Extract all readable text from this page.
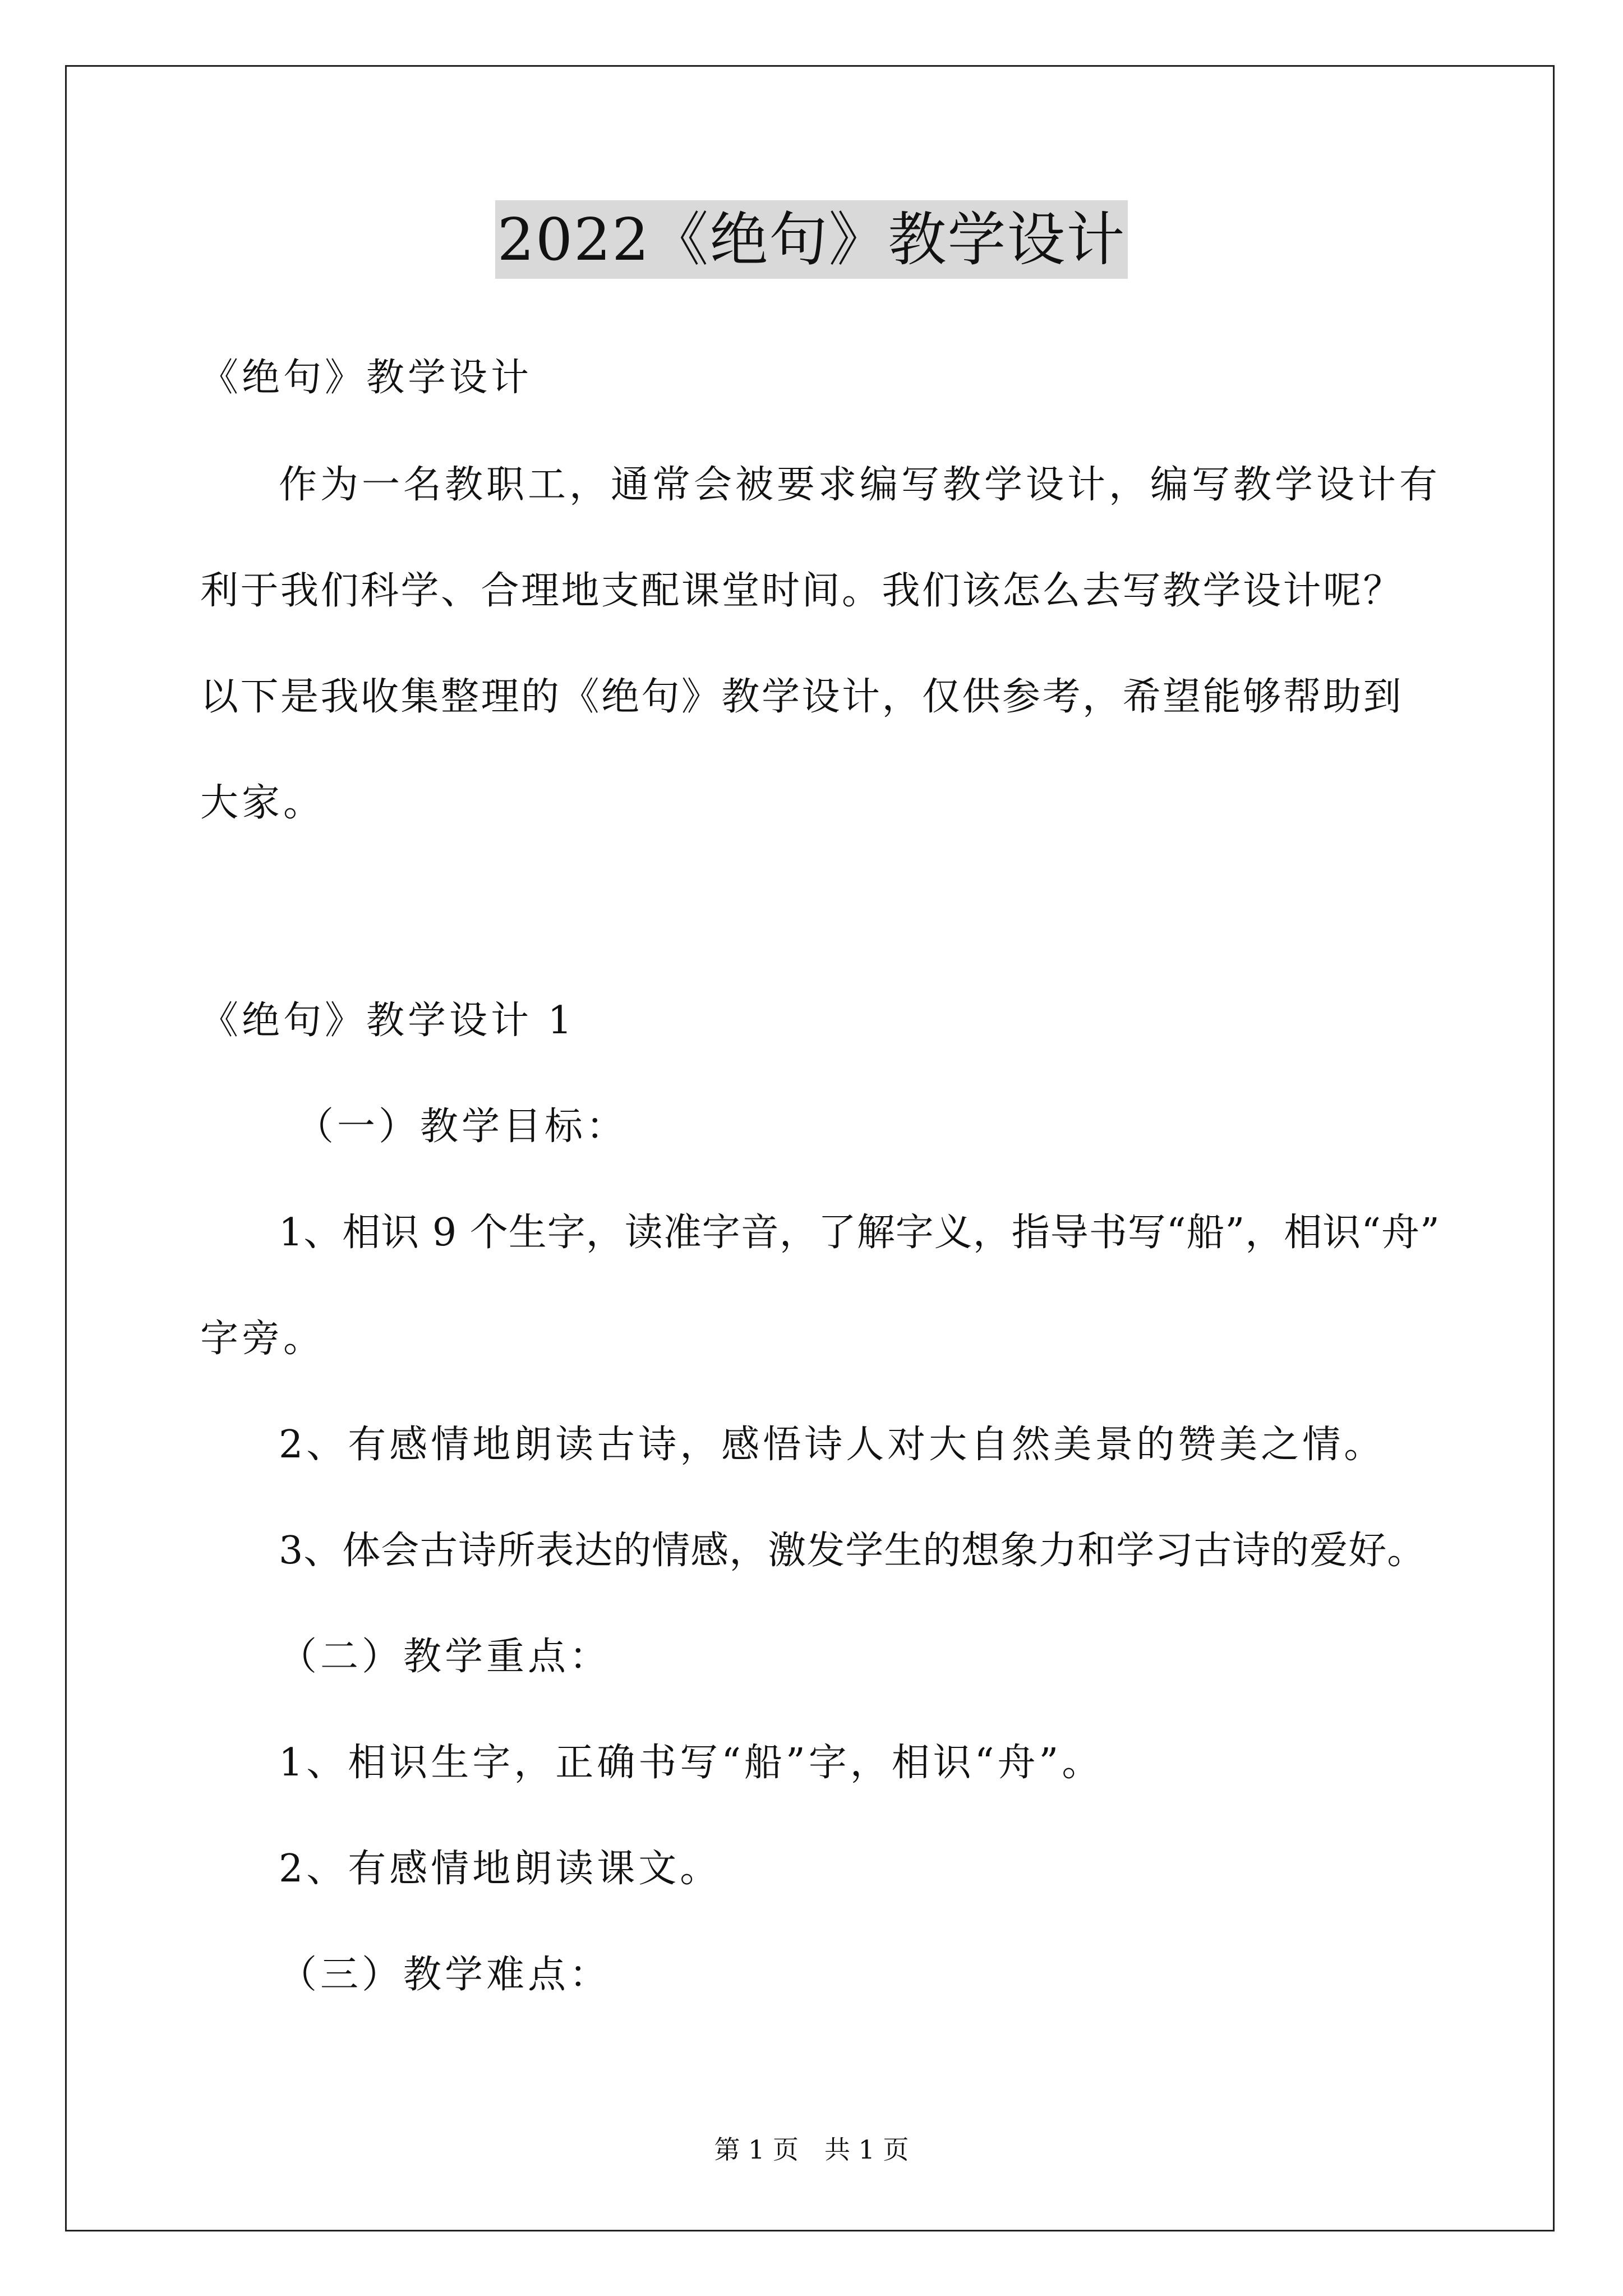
2022《绝句》教学设计
《绝句》教学设计
作为一名教职工，通常会被要求编写教学设计，编写教学设计有
利于我们科学、合理地支配课堂时间。我们该怎么去写教学设计呢？
以下是我收集整理的《绝句》教学设计，仅供参考，希望能够帮助到
大家。
《绝句》教学设计 1
（一）教学目标：
1、相识 9 个生字，读准字音，了解字义，指导书写“船”，相识“舟”
字旁。
2、有感情地朗读古诗，感悟诗人对大自然美景的赞美之情。
3、体会古诗所表达的情感，激发学生的想象力和学习古诗的爱好。
（二）教学重点：
1、相识生字，正确书写“船”字，相识“舟”。
2、有感情地朗读课文。
（三）教学难点：
第 1 页　共 1 页
